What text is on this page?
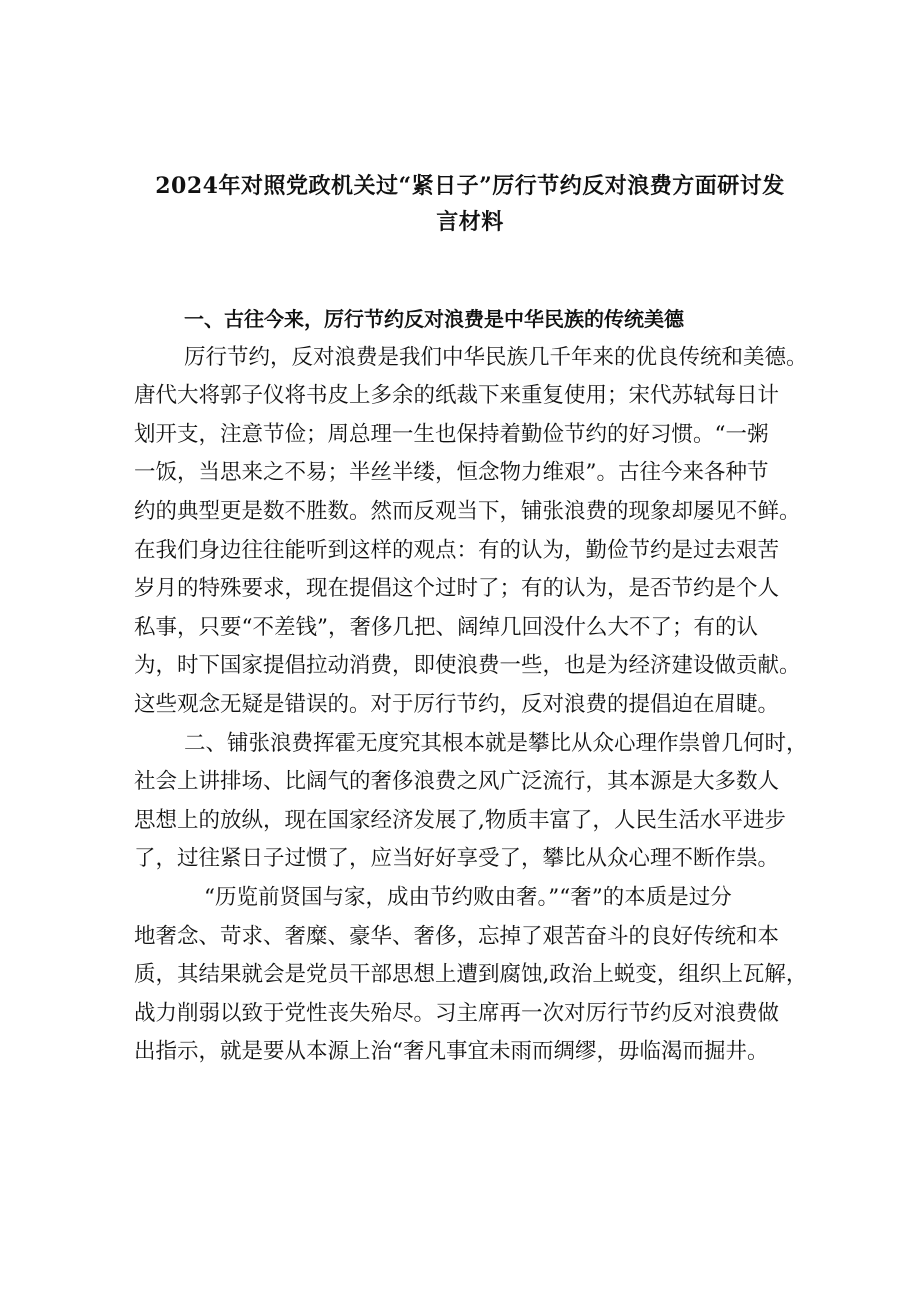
2024年对照党政机关过“紧日子”厉行节约反对浪费方面研讨发
言材料
一、古往今来，厉行节约反对浪费是中华民族的传统美德
厉行节约，反对浪费是我们中华民族几千年来的优良传统和美德。
唐代大将郭子仪将书皮上多余的纸裁下来重复使用；宋代苏轼每日计
划开支，注意节俭；周总理一生也保持着勤俭节约的好习惯。“一粥
一饭，当思来之不易；半丝半缕，恒念物力维艰”。古往今来各种节
约的典型更是数不胜数。然而反观当下，铺张浪费的现象却屡见不鲜。
在我们身边往往能听到这样的观点：有的认为，勤俭节约是过去艰苦
岁月的特殊要求，现在提倡这个过时了；有的认为，是否节约是个人
私事，只要“不差钱”，奢侈几把、阔绰几回没什么大不了；有的认
为，时下国家提倡拉动消费，即使浪费一些，也是为经济建设做贡献。
这些观念无疑是错误的。对于厉行节约，反对浪费的提倡迫在眉睫。
二、铺张浪费挥霍无度究其根本就是攀比从众心理作祟曾几何时，
社会上讲排场、比阔气的奢侈浪费之风广泛流行，其本源是大多数人
思想上的放纵，现在国家经济发展了,物质丰富了，人民生活水平进步
了，过往紧日子过惯了，应当好好享受了，攀比从众心理不断作祟。
“历览前贤国与家，成由节约败由奢。”“奢”的本质是过分
地奢念、苛求、奢糜、豪华、奢侈，忘掉了艰苦奋斗的良好传统和本
质，其结果就会是党员干部思想上遭到腐蚀,政治上蜕变，组织上瓦解，
战力削弱以致于党性丧失殆尽。习主席再一次对厉行节约反对浪费做
出指示，就是要从本源上治“奢凡事宜未雨而绸缪，毋临渴而掘井。
